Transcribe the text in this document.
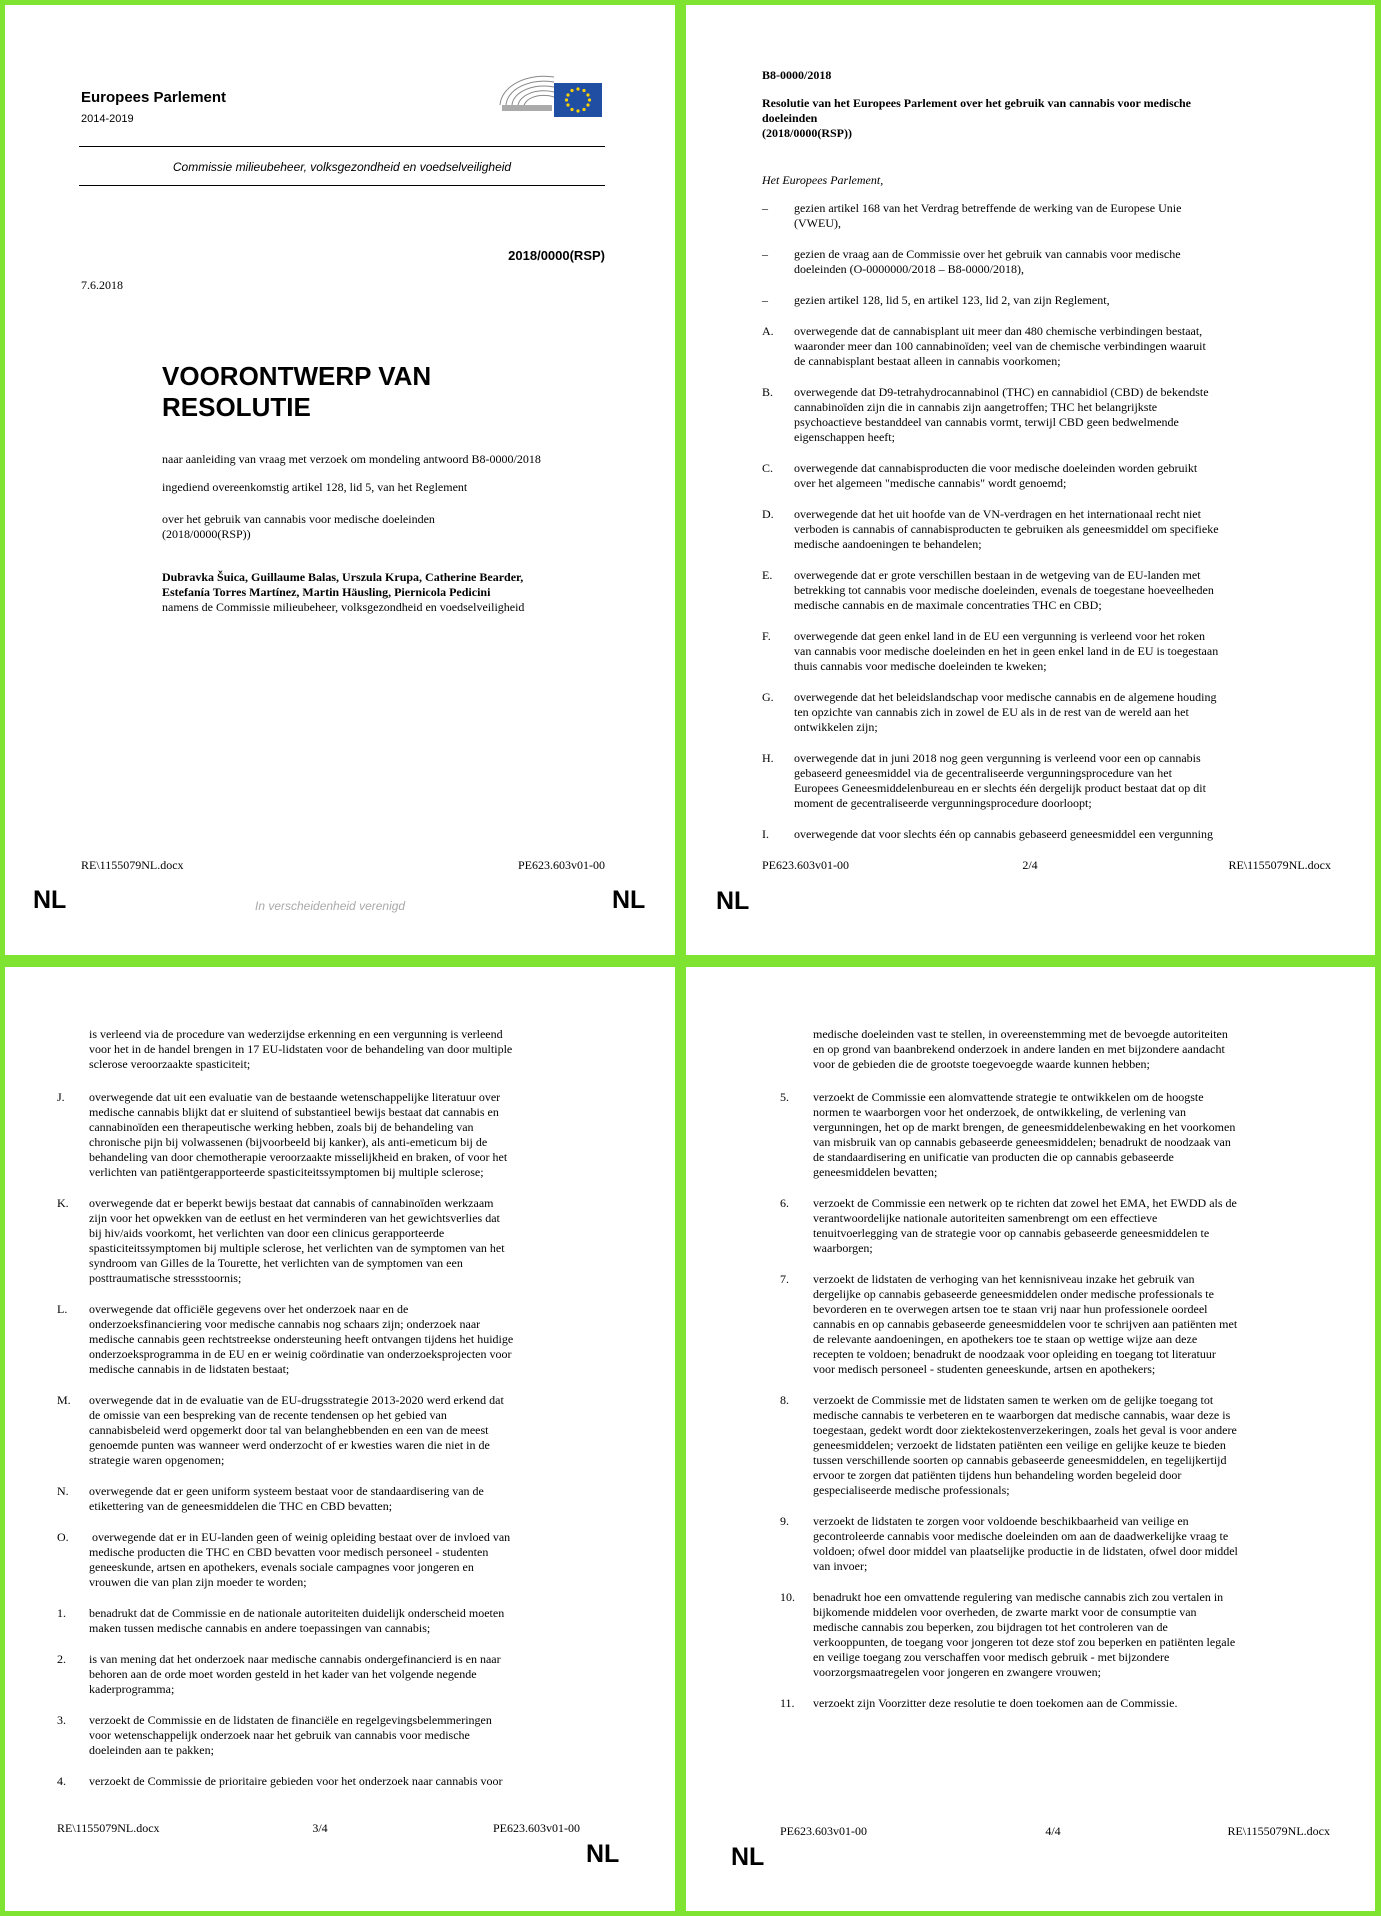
Europees Parlement
2014-2019
Commissie milieubeheer, volksgezondheid en voedselveiligheid
2018/0000(RSP)
7.6.2018
VOORONTWERP VAN
RESOLUTIE
naar aanleiding van vraag met verzoek om mondeling antwoord B8-0000/2018
ingediend overeenkomstig artikel 128, lid 5, van het Reglement
over het gebruik van cannabis voor medische doeleinden
(2018/0000(RSP))
Dubravka Šuica, Guillaume Balas, Urszula Krupa, Catherine Bearder,
Estefanía Torres Martínez, Martin Häusling, Piernicola Pedicini
namens de Commissie milieubeheer, volksgezondheid en voedselveiligheid
RE\1155079NL.docx	PE623.603v01-00
NL	In verscheidenheid verenigd	NL
B8-0000/2018
Resolutie van het Europees Parlement over het gebruik van cannabis voor medische
doeleinden
(2018/0000(RSP))
Het Europees Parlement,
–	gezien artikel 168 van het Verdrag betreffende de werking van de Europese Unie
(VWEU),
–	gezien de vraag aan de Commissie over het gebruik van cannabis voor medische
doeleinden (O-0000000/2018 – B8-0000/2018),
–	gezien artikel 128, lid 5, en artikel 123, lid 2, van zijn Reglement,
A.	overwegende dat de cannabisplant uit meer dan 480 chemische verbindingen bestaat,
waaronder meer dan 100 cannabinoïden; veel van de chemische verbindingen waaruit
de cannabisplant bestaat alleen in cannabis voorkomen;
B.	overwegende dat D9-tetrahydrocannabinol (THC) en cannabidiol (CBD) de bekendste
cannabinoïden zijn die in cannabis zijn aangetroffen; THC het belangrijkste
psychoactieve bestanddeel van cannabis vormt, terwijl CBD geen bedwelmende
eigenschappen heeft;
C.	overwegende dat cannabisproducten die voor medische doeleinden worden gebruikt
over het algemeen "medische cannabis" wordt genoemd;
D.	overwegende dat het uit hoofde van de VN-verdragen en het internationaal recht niet
verboden is cannabis of cannabisproducten te gebruiken als geneesmiddel om specifieke
medische aandoeningen te behandelen;
E.	overwegende dat er grote verschillen bestaan in de wetgeving van de EU-landen met
betrekking tot cannabis voor medische doeleinden, evenals de toegestane hoeveelheden
medische cannabis en de maximale concentraties THC en CBD;
F.	overwegende dat geen enkel land in de EU een vergunning is verleend voor het roken
van cannabis voor medische doeleinden en het in geen enkel land in de EU is toegestaan
thuis cannabis voor medische doeleinden te kweken;
G.	overwegende dat het beleidslandschap voor medische cannabis en de algemene houding
ten opzichte van cannabis zich in zowel de EU als in de rest van de wereld aan het
ontwikkelen zijn;
H.	overwegende dat in juni 2018 nog geen vergunning is verleend voor een op cannabis
gebaseerd geneesmiddel via de gecentraliseerde vergunningsprocedure van het
Europees Geneesmiddelenbureau en er slechts één dergelijk product bestaat dat op dit
moment de gecentraliseerde vergunningsprocedure doorloopt;
I.	overwegende dat voor slechts één op cannabis gebaseerd geneesmiddel een vergunning
PE623.603v01-00	2/4	RE\1155079NL.docx
NL
is verleend via de procedure van wederzijdse erkenning en een vergunning is verleend
voor het in de handel brengen in 17 EU-lidstaten voor de behandeling van door multiple
sclerose veroorzaakte spasticiteit;
J.	overwegende dat uit een evaluatie van de bestaande wetenschappelijke literatuur over
medische cannabis blijkt dat er sluitend of substantieel bewijs bestaat dat cannabis en
cannabinoïden een therapeutische werking hebben, zoals bij de behandeling van
chronische pijn bij volwassenen (bijvoorbeeld bij kanker), als anti-emeticum bij de
behandeling van door chemotherapie veroorzaakte misselijkheid en braken, of voor het
verlichten van patiëntgerapporteerde spasticiteitssymptomen bij multiple sclerose;
K.	overwegende dat er beperkt bewijs bestaat dat cannabis of cannabinoïden werkzaam
zijn voor het opwekken van de eetlust en het verminderen van het gewichtsverlies dat
bij hiv/aids voorkomt, het verlichten van door een clinicus gerapporteerde
spasticiteitssymptomen bij multiple sclerose, het verlichten van de symptomen van het
syndroom van Gilles de la Tourette, het verlichten van de symptomen van een
posttraumatische stressstoornis;
L.	overwegende dat officiële gegevens over het onderzoek naar en de
onderzoeksfinanciering voor medische cannabis nog schaars zijn; onderzoek naar
medische cannabis geen rechtstreekse ondersteuning heeft ontvangen tijdens het huidige
onderzoeksprogramma in de EU en er weinig coördinatie van onderzoeksprojecten voor
medische cannabis in de lidstaten bestaat;
M.	overwegende dat in de evaluatie van de EU-drugsstrategie 2013-2020 werd erkend dat
de omissie van een bespreking van de recente tendensen op het gebied van
cannabisbeleid werd opgemerkt door tal van belanghebbenden en een van de meest
genoemde punten was wanneer werd onderzocht of er kwesties waren die niet in de
strategie waren opgenomen;
N.	overwegende dat er geen uniform systeem bestaat voor de standaardisering van de
etikettering van de geneesmiddelen die THC en CBD bevatten;
O.	overwegende dat er in EU-landen geen of weinig opleiding bestaat over de invloed van
medische producten die THC en CBD bevatten voor medisch personeel - studenten
geneeskunde, artsen en apothekers, evenals sociale campagnes voor jongeren en
vrouwen die van plan zijn moeder te worden;
1.	benadrukt dat de Commissie en de nationale autoriteiten duidelijk onderscheid moeten
maken tussen medische cannabis en andere toepassingen van cannabis;
2.	is van mening dat het onderzoek naar medische cannabis ondergefinancierd is en naar
behoren aan de orde moet worden gesteld in het kader van het volgende negende
kaderprogramma;
3.	verzoekt de Commissie en de lidstaten de financiële en regelgevingsbelemmeringen
voor wetenschappelijk onderzoek naar het gebruik van cannabis voor medische
doeleinden aan te pakken;
4.	verzoekt de Commissie de prioritaire gebieden voor het onderzoek naar cannabis voor
RE\1155079NL.docx	3/4	PE623.603v01-00
NL
medische doeleinden vast te stellen, in overeenstemming met de bevoegde autoriteiten
en op grond van baanbrekend onderzoek in andere landen en met bijzondere aandacht
voor de gebieden die de grootste toegevoegde waarde kunnen hebben;
5.	verzoekt de Commissie een alomvattende strategie te ontwikkelen om de hoogste
normen te waarborgen voor het onderzoek, de ontwikkeling, de verlening van
vergunningen, het op de markt brengen, de geneesmiddelenbewaking en het voorkomen
van misbruik van op cannabis gebaseerde geneesmiddelen; benadrukt de noodzaak van
de standaardisering en unificatie van producten die op cannabis gebaseerde
geneesmiddelen bevatten;
6.	verzoekt de Commissie een netwerk op te richten dat zowel het EMA, het EWDD als de
verantwoordelijke nationale autoriteiten samenbrengt om een effectieve
tenuitvoerlegging van de strategie voor op cannabis gebaseerde geneesmiddelen te
waarborgen;
7.	verzoekt de lidstaten de verhoging van het kennisniveau inzake het gebruik van
dergelijke op cannabis gebaseerde geneesmiddelen onder medische professionals te
bevorderen en te overwegen artsen toe te staan vrij naar hun professionele oordeel
cannabis en op cannabis gebaseerde geneesmiddelen voor te schrijven aan patiënten met
de relevante aandoeningen, en apothekers toe te staan op wettige wijze aan deze
recepten te voldoen; benadrukt de noodzaak voor opleiding en toegang tot literatuur
voor medisch personeel - studenten geneeskunde, artsen en apothekers;
8.	verzoekt de Commissie met de lidstaten samen te werken om de gelijke toegang tot
medische cannabis te verbeteren en te waarborgen dat medische cannabis, waar deze is
toegestaan, gedekt wordt door ziektekostenverzekeringen, zoals het geval is voor andere
geneesmiddelen; verzoekt de lidstaten patiënten een veilige en gelijke keuze te bieden
tussen verschillende soorten op cannabis gebaseerde geneesmiddelen, en tegelijkertijd
ervoor te zorgen dat patiënten tijdens hun behandeling worden begeleid door
gespecialiseerde medische professionals;
9.	verzoekt de lidstaten te zorgen voor voldoende beschikbaarheid van veilige en
gecontroleerde cannabis voor medische doeleinden om aan de daadwerkelijke vraag te
voldoen; ofwel door middel van plaatselijke productie in de lidstaten, ofwel door middel
van invoer;
10.	benadrukt hoe een omvattende regulering van medische cannabis zich zou vertalen in
bijkomende middelen voor overheden, de zwarte markt voor de consumptie van
medische cannabis zou beperken, zou bijdragen tot het controleren van de
verkooppunten, de toegang voor jongeren tot deze stof zou beperken en patiënten legale
en veilige toegang zou verschaffen voor medisch gebruik - met bijzondere
voorzorgsmaatregelen voor jongeren en zwangere vrouwen;
11.	verzoekt zijn Voorzitter deze resolutie te doen toekomen aan de Commissie.
PE623.603v01-00	4/4	RE\1155079NL.docx
NL
